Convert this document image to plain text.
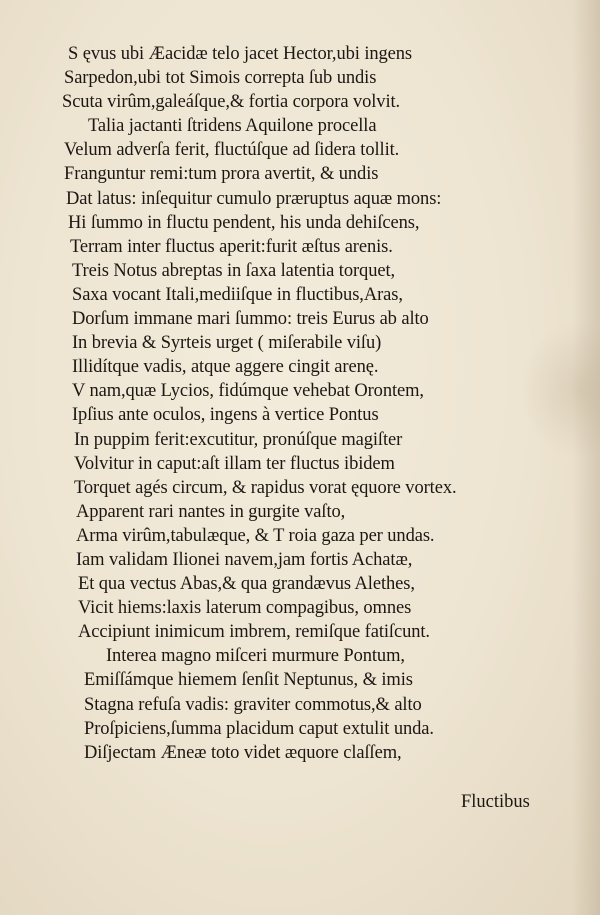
S ęvus ubi Æacidæ telo jacet Hector,ubi ingens
Sarpedon,ubi tot Simois correpta ſub undis
Scuta virûm,galeáſque,& fortia corpora volvit.
Talia jactanti ſtridens Aquilone procella
Velum adverſa ferit, fluctúſque ad ſidera tollit.
Franguntur remi:tum prora avertit, & undis
Dat latus: inſequitur cumulo præruptus aquæ mons:
Hi ſummo in fluctu pendent, his unda dehiſcens,
Terram inter fluctus aperit:furit æſtus arenis.
Treis Notus abreptas in ſaxa latentia torquet,
Saxa vocant Itali,mediiſque in fluctibus,Aras,
Dorſum immane mari ſummo: treis Eurus ab alto
In brevia & Syrteis urget ( miſerabile viſu)
Illidítque vadis, atque aggere cingit arenę.
V nam,quæ Lycios, fidúmque vehebat Orontem,
Ipſius ante oculos, ingens à vertice Pontus
In puppim ferit:excutitur, pronúſque magiſter
Volvitur in caput:aſt illam ter fluctus ibidem
Torquet agés circum, & rapidus vorat ęquore vortex.
Apparent rari nantes in gurgite vaſto,
Arma virûm,tabulæque, & T roia gaza per undas.
Iam validam Ilionei navem,jam fortis Achatæ,
Et qua vectus Abas,& qua grandævus Alethes,
Vicit hiems:laxis laterum compagibus, omnes
Accipiunt inimicum imbrem, remiſque fatiſcunt.
Interea magno miſceri murmure Pontum,
Emiſſámque hiemem ſenſit Neptunus, & imis
Stagna refuſa vadis: graviter commotus,& alto
Proſpiciens,ſumma placidum caput extulit unda.
Diſjectam Æneæ toto videt æquore claſſem,
Fluctibus
